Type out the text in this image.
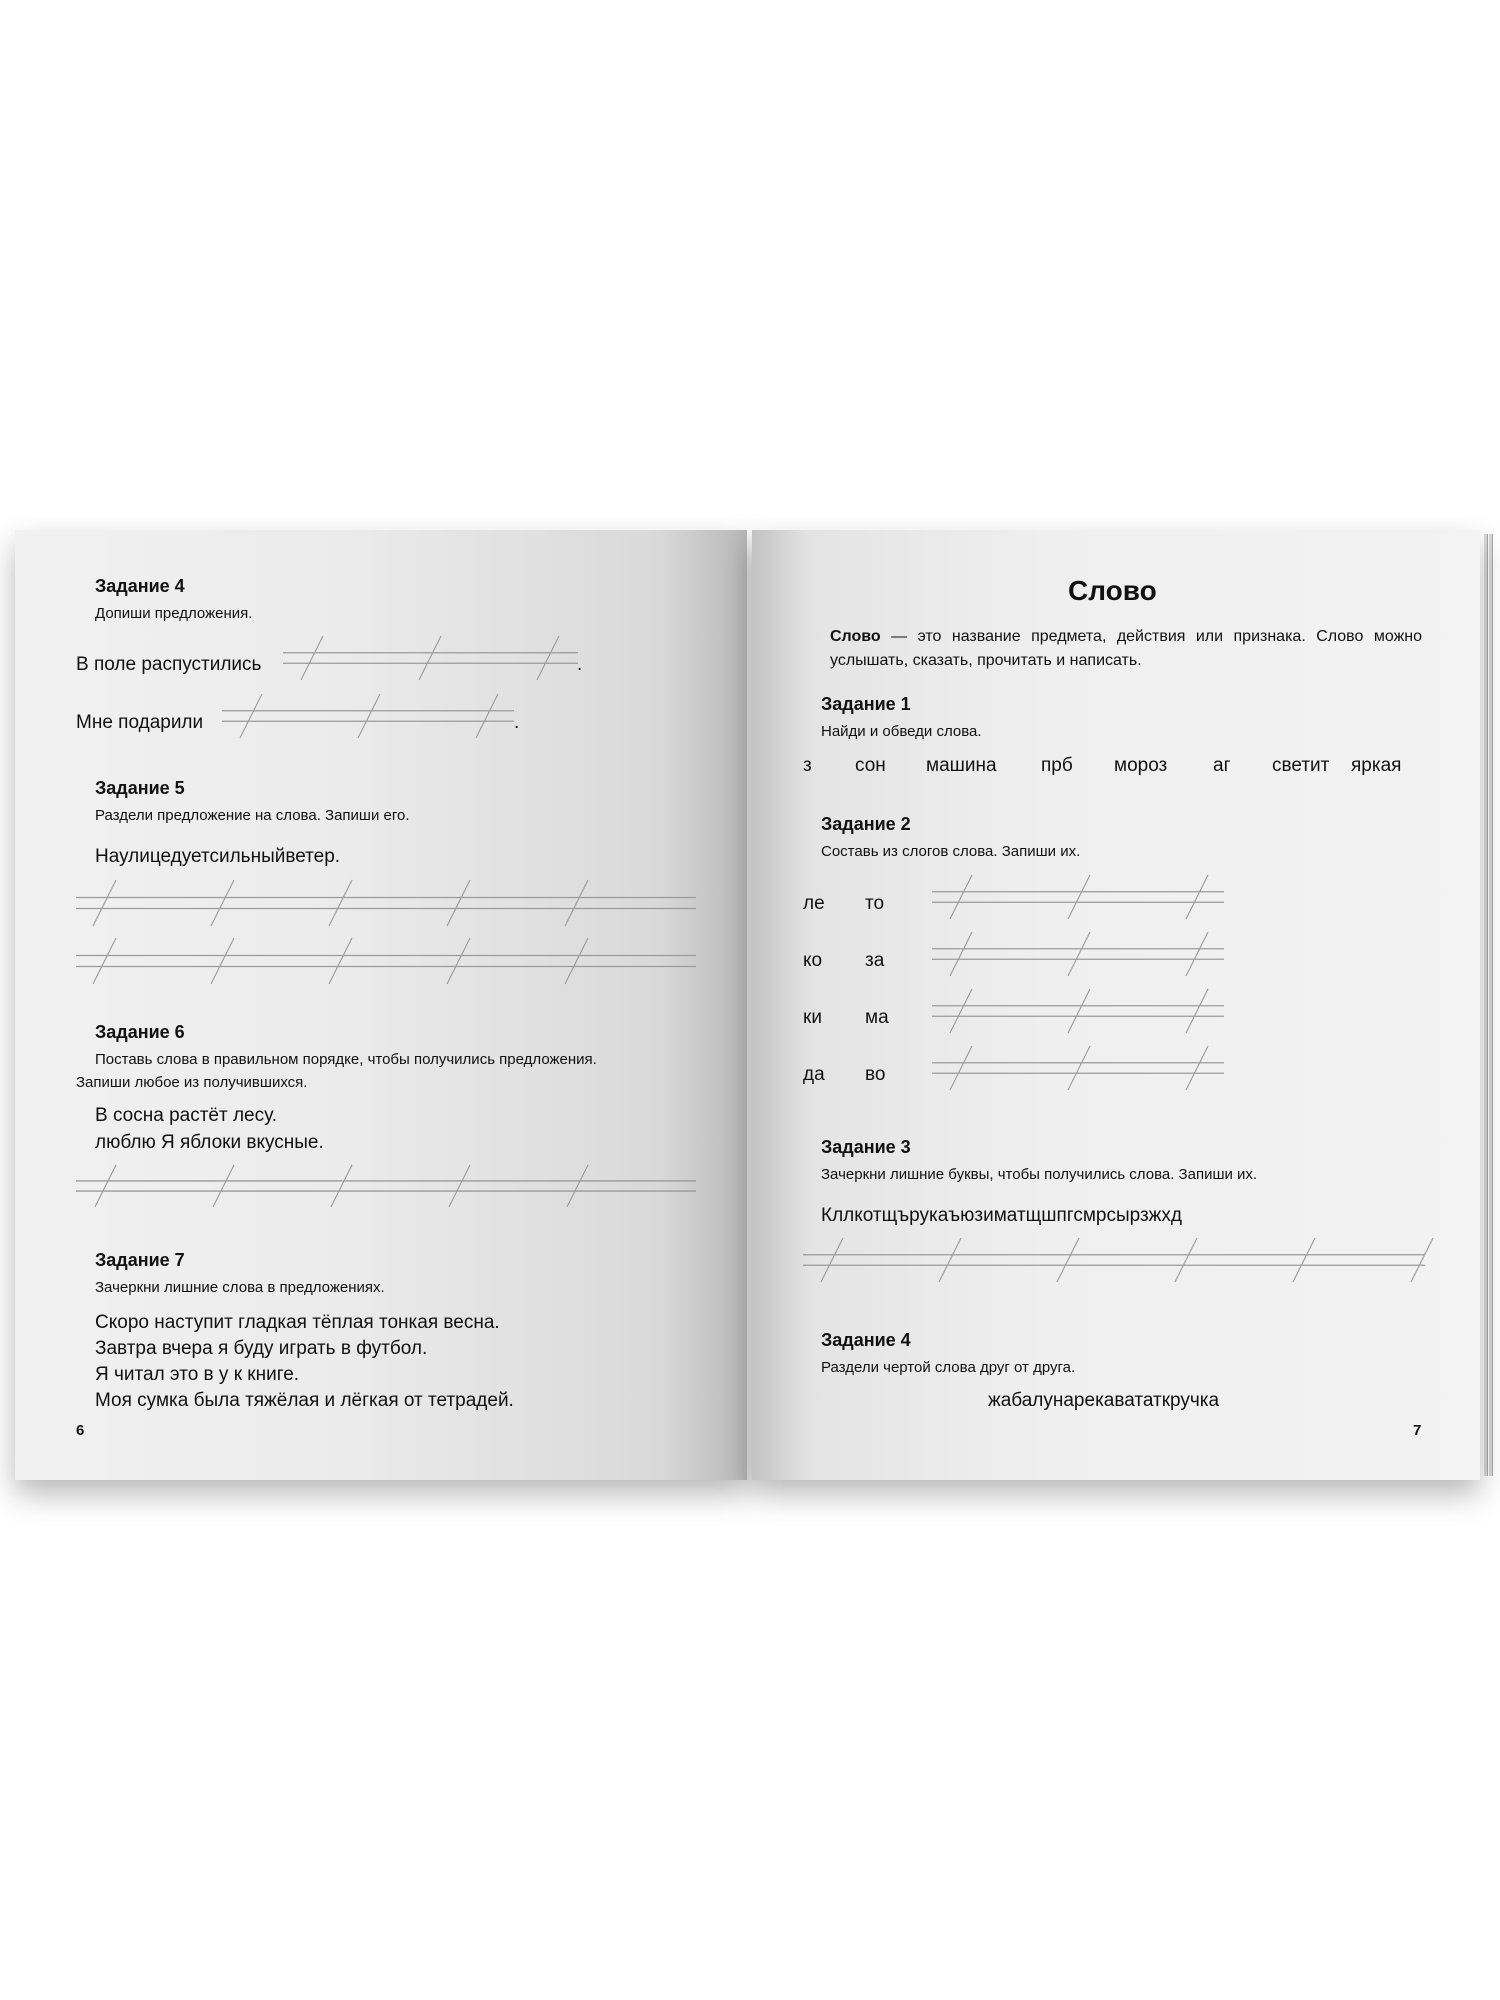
Задание 4
Допиши предложения.
В поле распустились	.
Мне подарили	.
Задание 5
Раздели предложение на слова. Запиши его.
Наулицедуетсильныйветер.
Задание 6
Поставь слова в правильном порядке, чтобы получились предложения.
Запиши любое из получившихся.
В сосна растёт лесу.
люблю Я яблоки вкусные.
Задание 7
Зачеркни лишние слова в предложениях.
Скоро наступит гладкая тёплая тонкая весна.
Завтра вчера я буду играть в футбол.
Я читал это в у к книге.
Моя сумка была тяжёлая и лёгкая от тетрадей.
6
Слово
Слово — это название предмета, действия или признака. Слово можно услышать, сказать, прочитать и написать.
Задание 1
Найди и обведи слова.
з сон машина прб мороз аг светит яркая
Задание 2
Составь из слогов слова. Запиши их.
ле то
ко за
ки ма
да во
Задание 3
Зачеркни лишние буквы, чтобы получились слова. Запиши их.
Кллкотщърукаъюзиматщшпгсмрсырзжхд
Задание 4
Раздели чертой слова друг от друга.
жабалунарекавататкручка
7
